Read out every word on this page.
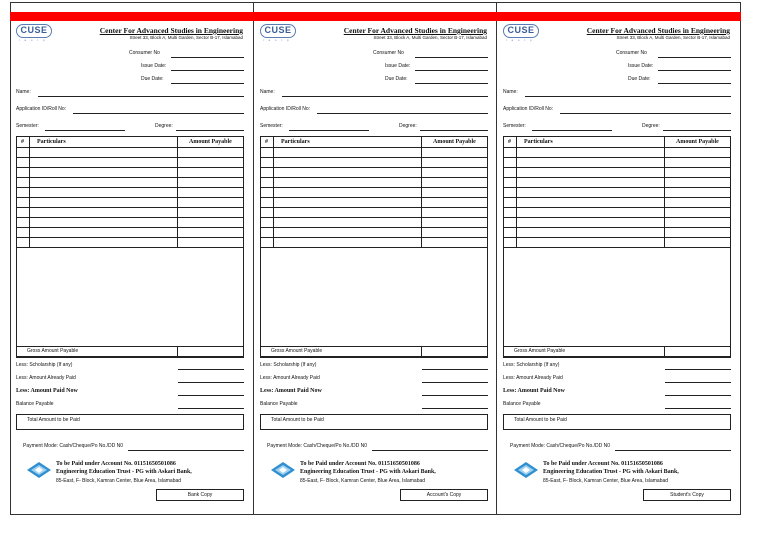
CUSE
i a s t p
Center For Advanced Studies in Engineering
Street 33, Block A, Multi Garden, Sector B-17, Islamabad
Consumer No
Issue Date:
Due Date:
Name:
Application ID/Roll No:
Semester:	Degree:
# Particulars	Amount Payable
Gross Amount Payable
Less: Scholarship (If any)
Less: Amount Already Paid
Less: Amount Paid Now
Balance Payable
Total Amount to be Paid
Payment Mode: Cash/Cheque/Po No./DD N0
To be Paid under Account No. 01151650501086
Engineering Education Trust - PG with Askari Bank,
85-East, F- Block, Kamran Center, Blue Area, Islamabad
Bank Copy
CUSE
i a s t p
Center For Advanced Studies in Engineering
Street 33, Block A, Multi Garden, Sector B-17, Islamabad
Consumer No
Issue Date:
Due Date:
Name:
Application ID/Roll No:
Semester:	Degree:
# Particulars	Amount Payable
Gross Amount Payable
Less: Scholarship (If any)
Less: Amount Already Paid
Less: Amount Paid Now
Balance Payable
Total Amount to be Paid
Payment Mode: Cash/Cheque/Po No./DD N0
To be Paid under Account No. 01151650501086
Engineering Education Trust - PG with Askari Bank,
85-East, F- Block, Kamran Center, Blue Area, Islamabad
Account's Copy
CUSE
i a s t p
Center For Advanced Studies in Engineering
Street 33, Block A, Multi Garden, Sector B-17, Islamabad
Consumer No
Issue Date:
Due Date:
Name:
Application ID/Roll No:
Semester:	Degree:
# Particulars	Amount Payable
Gross Amount Payable
Less: Scholarship (If any)
Less: Amount Already Paid
Less: Amount Paid Now
Balance Payable
Total Amount to be Paid
Payment Mode: Cash/Cheque/Po No./DD N0
To be Paid under Account No. 01151650501086
Engineering Education Trust - PG with Askari Bank,
85-East, F- Block, Kamran Center, Blue Area, Islamabad
Student's Copy
